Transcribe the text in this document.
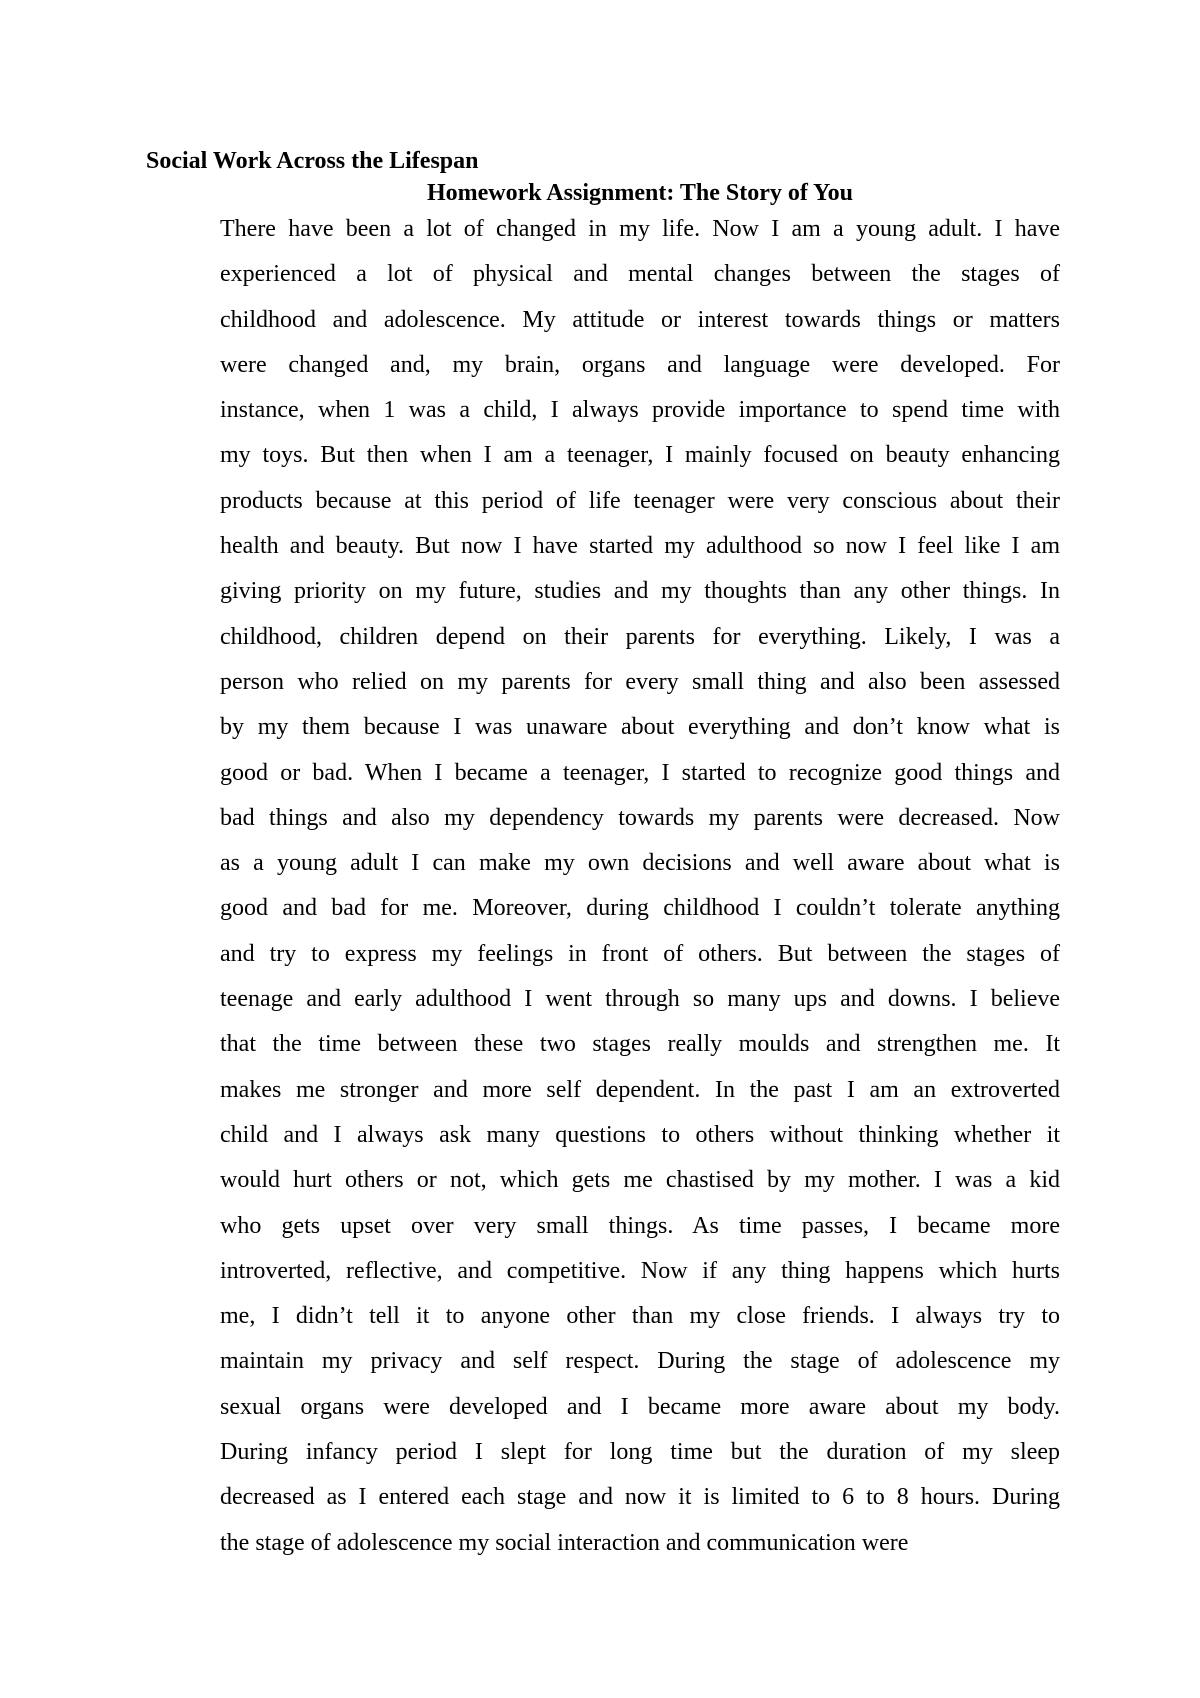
Social Work Across the Lifespan
Homework Assignment: The Story of You
There have been a lot of changed in my life. Now I am a young adult. I have
experienced a lot of physical and mental changes between the stages of
childhood and adolescence. My attitude or interest towards things or matters
were changed and, my brain, organs and language were developed. For
instance, when 1 was a child, I always provide importance to spend time with
my toys. But then when I am a teenager, I mainly focused on beauty enhancing
products because at this period of life teenager were very conscious about their
health and beauty. But now I have started my adulthood so now I feel like I am
giving priority on my future, studies and my thoughts than any other things. In
childhood, children depend on their parents for everything. Likely, I was a
person who relied on my parents for every small thing and also been assessed
by my them because I was unaware about everything and don’t know what is
good or bad. When I became a teenager, I started to recognize good things and
bad things and also my dependency towards my parents were decreased. Now
as a young adult I can make my own decisions and well aware about what is
good and bad for me. Moreover, during childhood I couldn’t tolerate anything
and try to express my feelings in front of others. But between the stages of
teenage and early adulthood I went through so many ups and downs. I believe
that the time between these two stages really moulds and strengthen me. It
makes me stronger and more self dependent. In the past I am an extroverted
child and I always ask many questions to others without thinking whether it
would hurt others or not, which gets me chastised by my mother. I was a kid
who gets upset over very small things. As time passes, I became more
introverted, reflective, and competitive. Now if any thing happens which hurts
me, I didn’t tell it to anyone other than my close friends. I always try to
maintain my privacy and self respect. During the stage of adolescence my
sexual organs were developed and I became more aware about my body.
During infancy period I slept for long time but the duration of my sleep
decreased as I entered each stage and now it is limited to 6 to 8 hours. During
the stage of adolescence my social interaction and communication were
